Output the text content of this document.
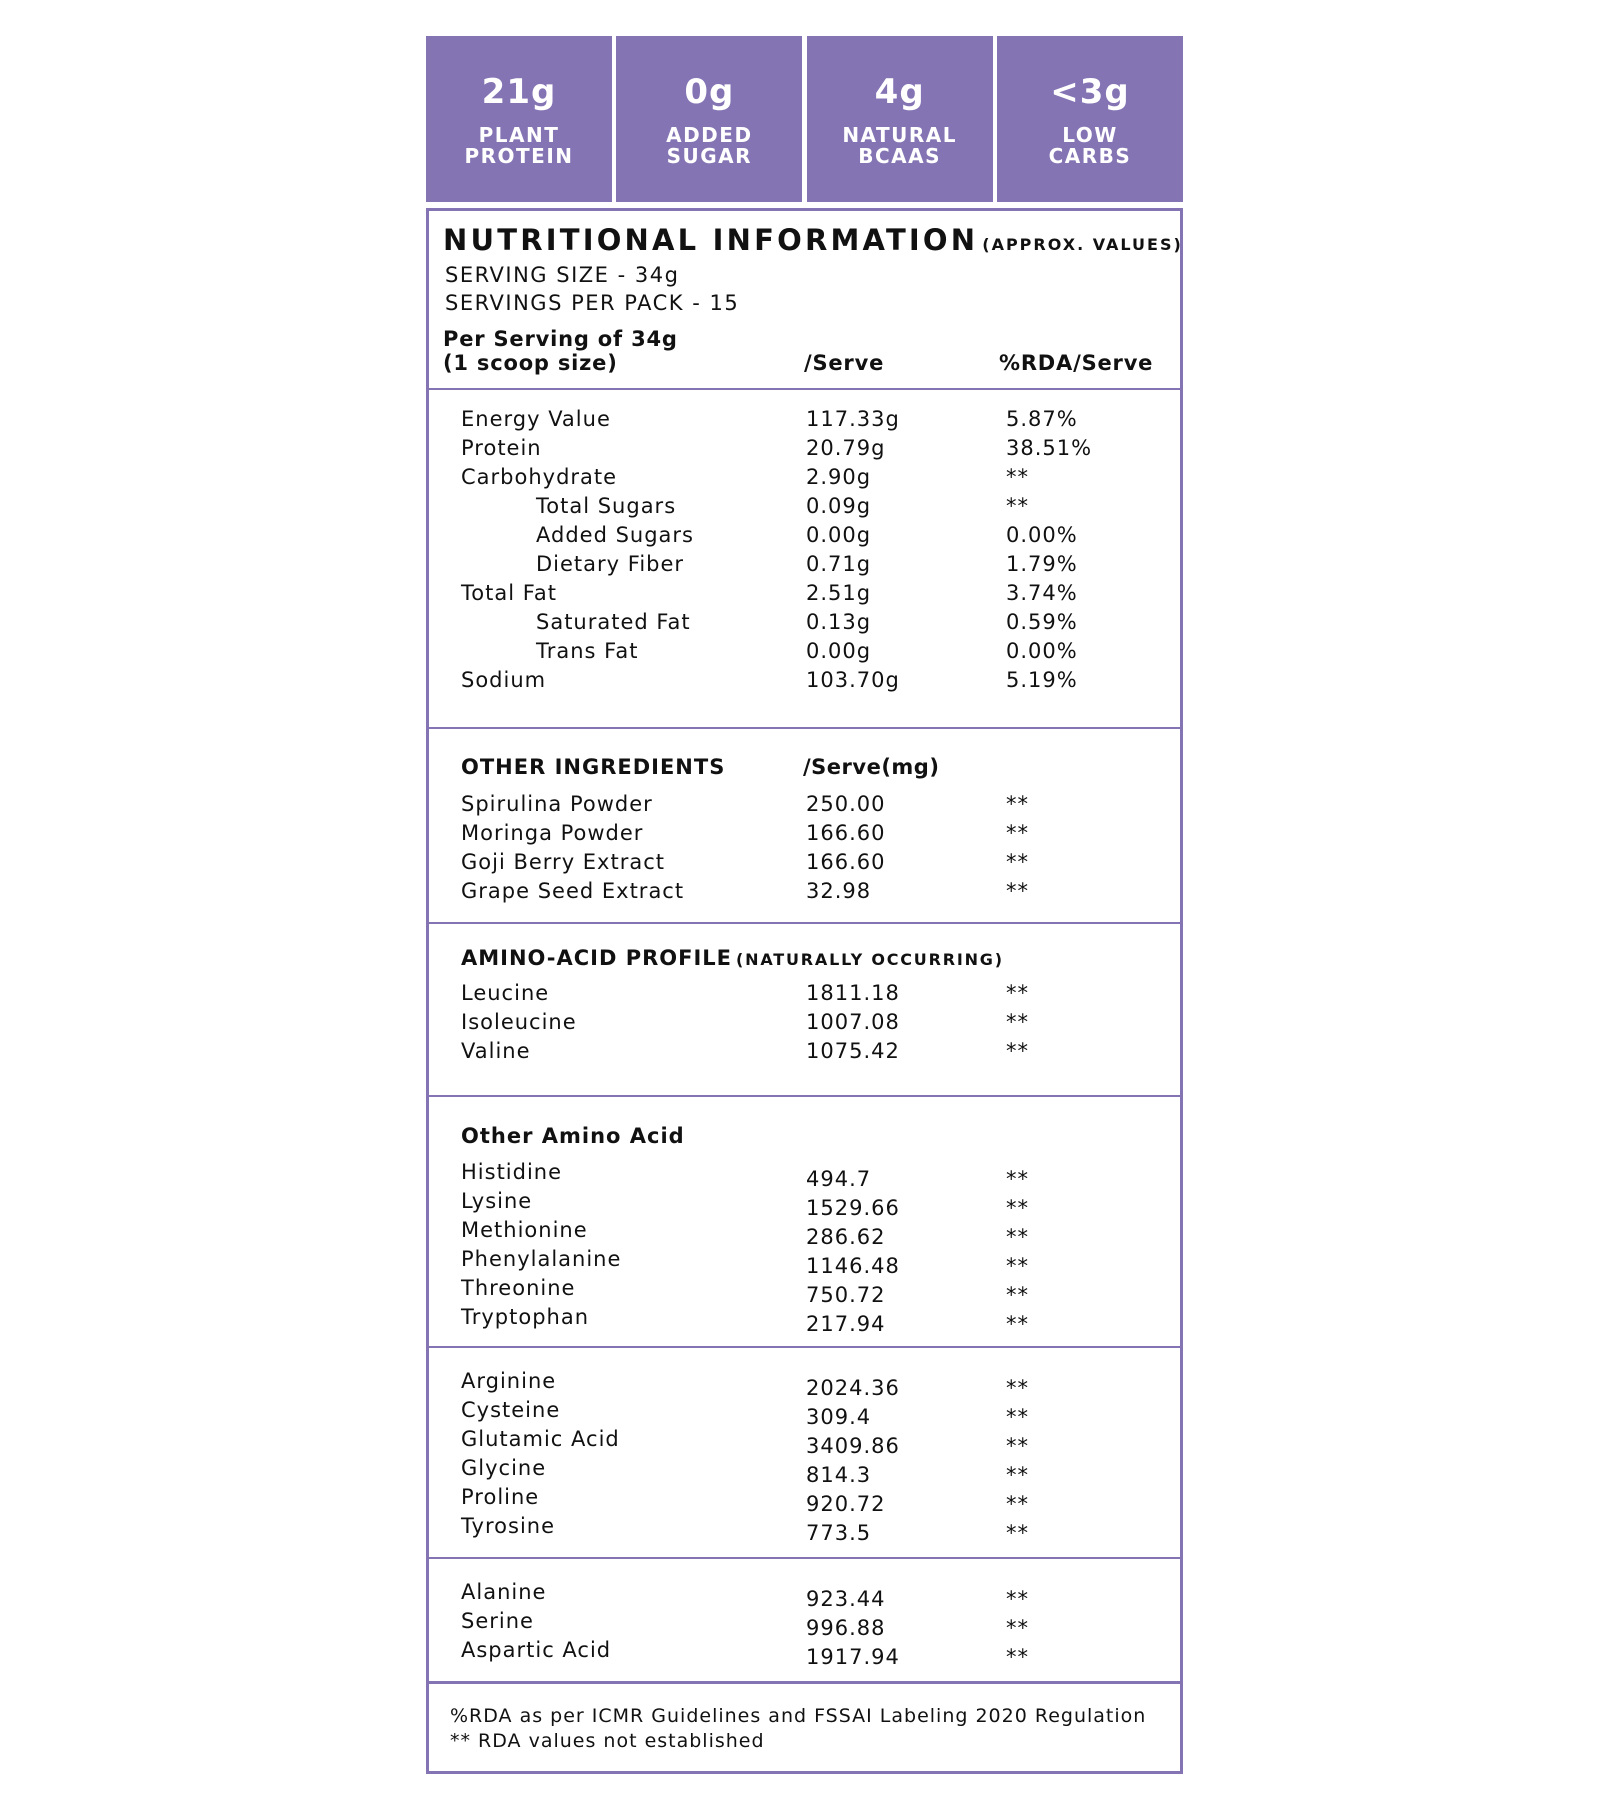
21g
PLANT PROTEIN
0g
ADDED SUGAR
4g
NATURAL BCAAS
<3g
LOW CARBS
NUTRITIONAL INFORMATION (APPROX. VALUES)
SERVING SIZE - 34g
SERVINGS PER PACK - 15
Per Serving of 34g
(1 scoop size)	/Serve	%RDA/Serve
Energy Value	117.33g	5.87%
Protein	20.79g	38.51%
Carbohydrate	2.90g	**
Total Sugars	0.09g	**
Added Sugars	0.00g	0.00%
Dietary Fiber	0.71g	1.79%
Total Fat	2.51g	3.74%
Saturated Fat	0.13g	0.59%
Trans Fat	0.00g	0.00%
Sodium	103.70g	5.19%
OTHER INGREDIENTS	/Serve(mg)
Spirulina Powder	250.00	**
Moringa Powder	166.60	**
Goji Berry Extract	166.60	**
Grape Seed Extract	32.98	**
AMINO-ACID PROFILE (NATURALLY OCCURRING)
Leucine	1811.18	**
Isoleucine	1007.08	**
Valine	1075.42	**
Other Amino Acid
Histidine	494.7	**
Lysine	1529.66	**
Methionine	286.62	**
Phenylalanine	1146.48	**
Threonine	750.72	**
Tryptophan	217.94	**
Arginine	2024.36	**
Cysteine	309.4	**
Glutamic Acid	3409.86	**
Glycine	814.3	**
Proline	920.72	**
Tyrosine	773.5	**
Alanine	923.44	**
Serine	996.88	**
Aspartic Acid	1917.94	**
%RDA as per ICMR Guidelines and FSSAI Labeling 2020 Regulation
** RDA values not established
